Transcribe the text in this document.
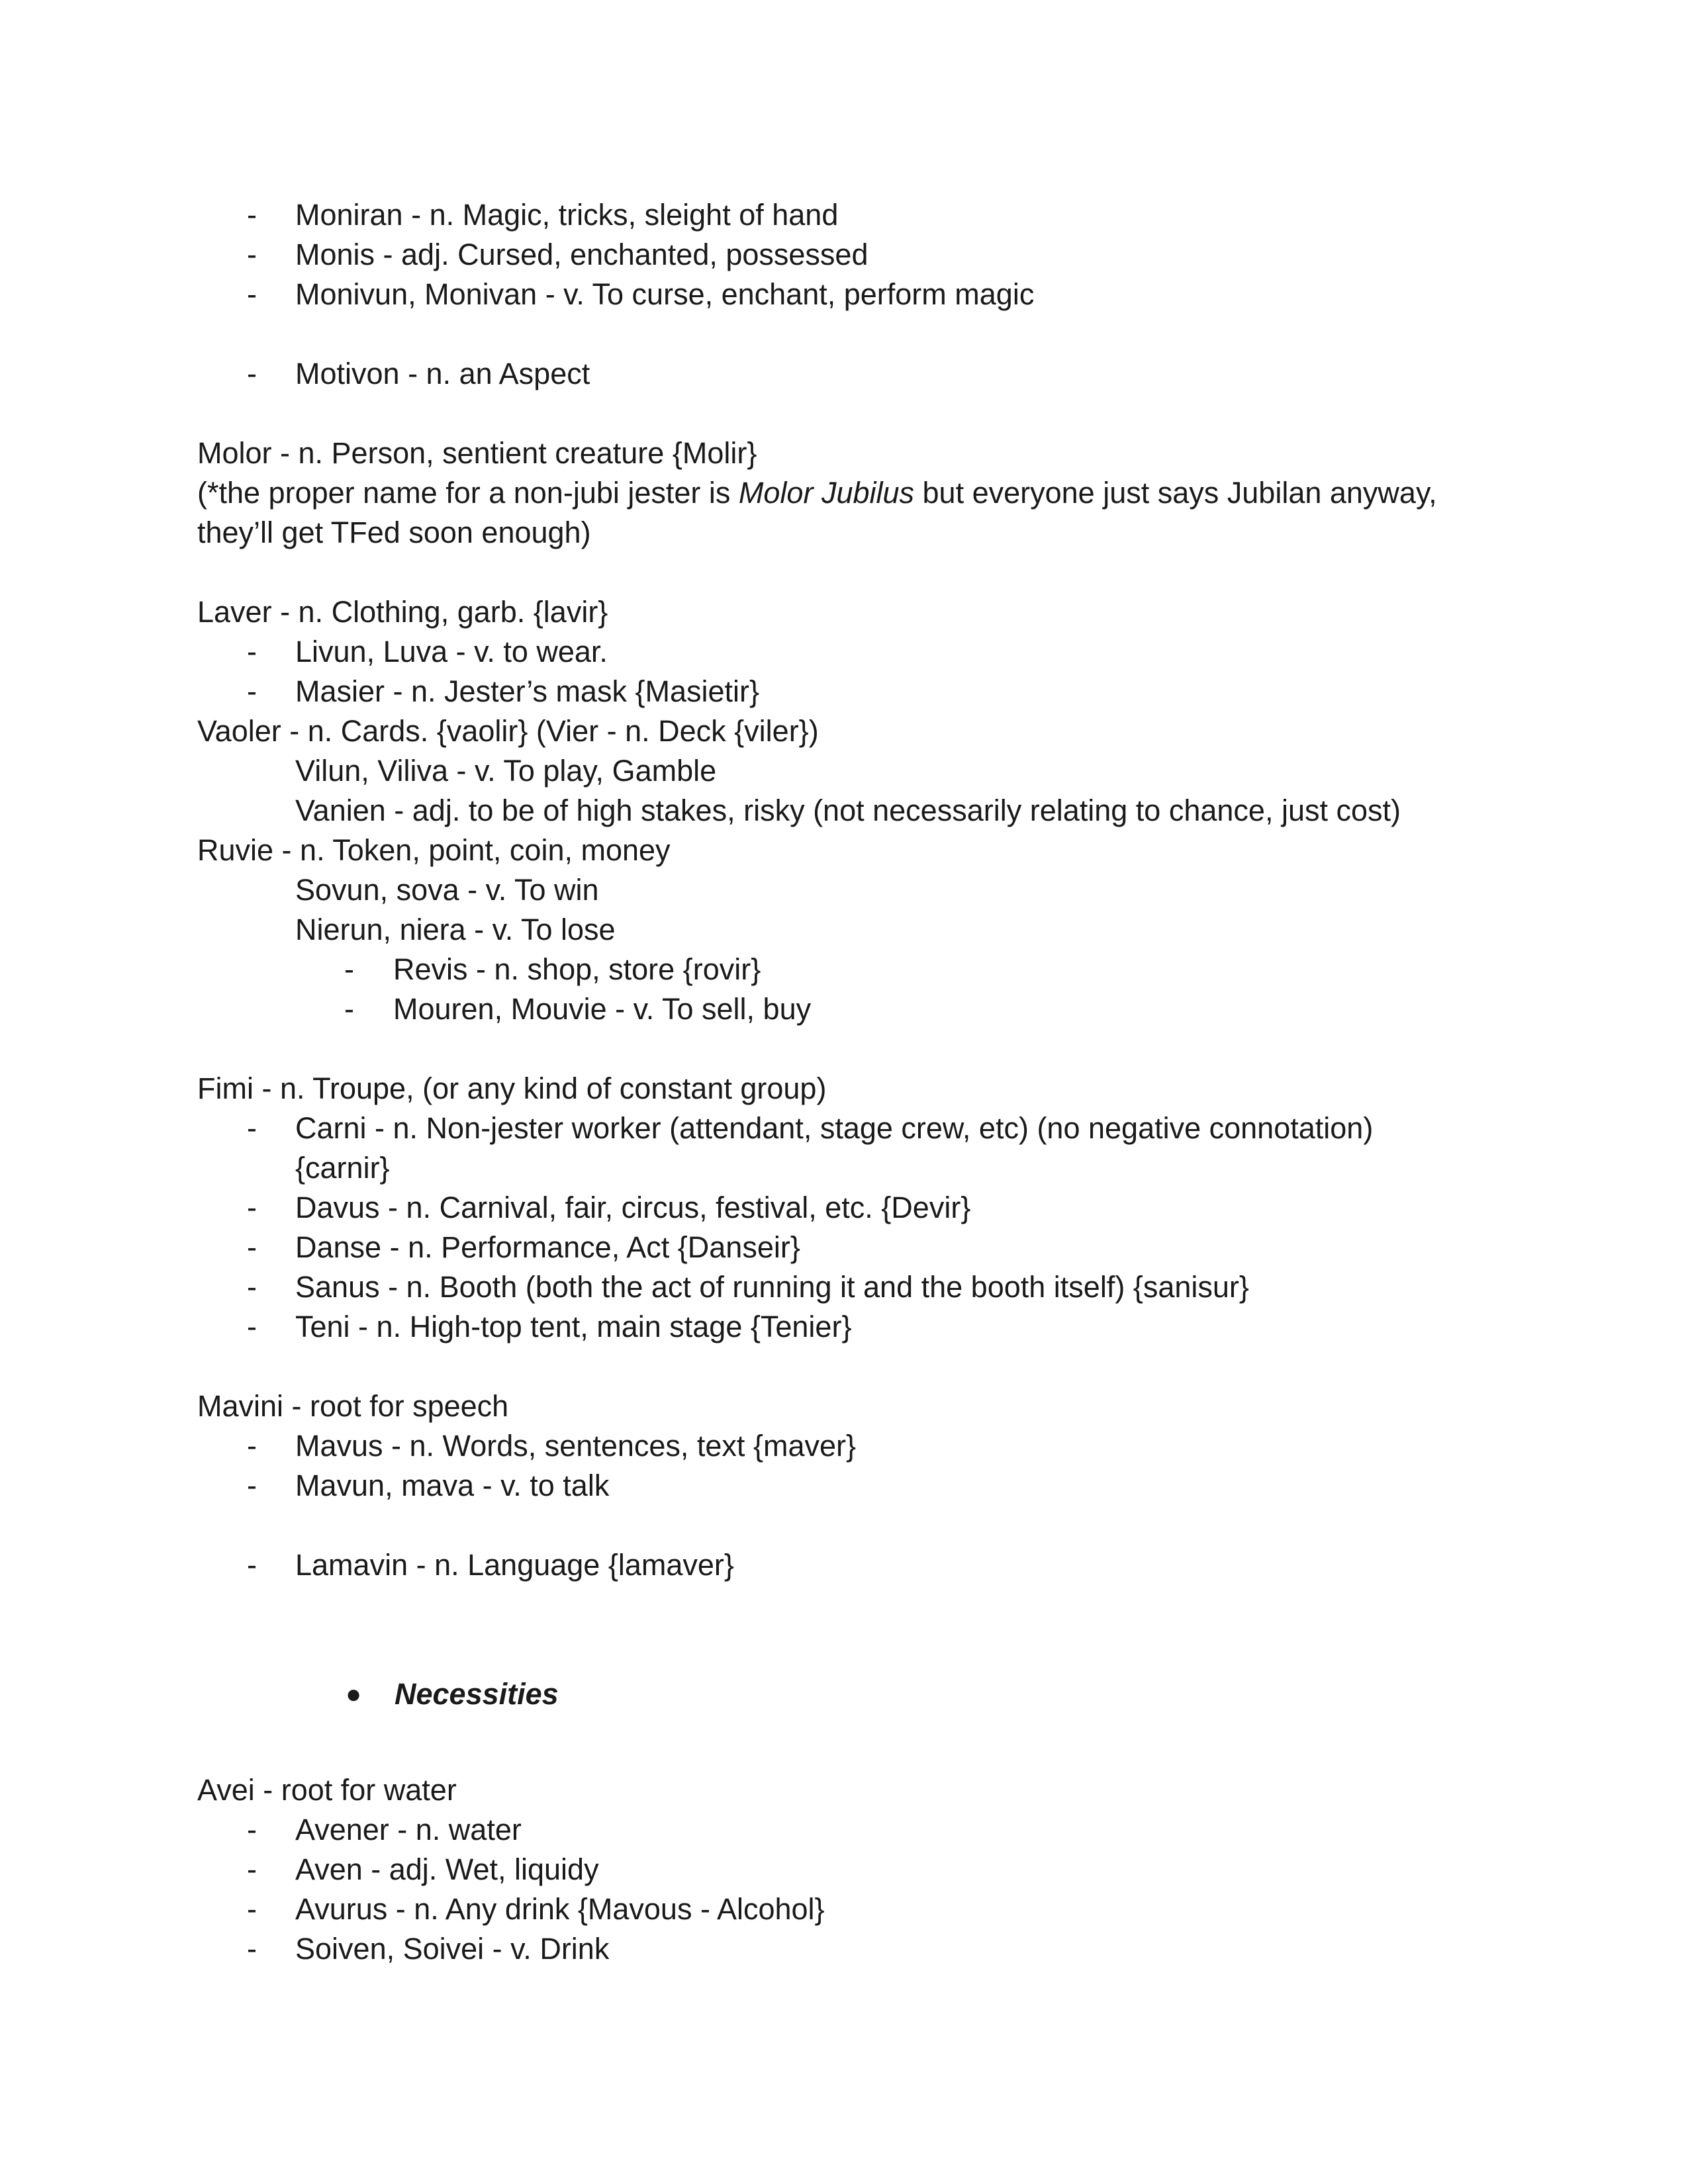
- Moniran - n. Magic, tricks, sleight of hand
- Monis - adj. Cursed, enchanted, possessed
- Monivun, Monivan - v. To curse, enchant, perform magic
- Motivon - n. an Aspect
Molor - n. Person, sentient creature {Molir}
(*the proper name for a non-jubi jester is Molor Jubilus but everyone just says Jubilan anyway,
they’ll get TFed soon enough)
Laver - n. Clothing, garb. {lavir}
- Livun, Luva - v. to wear.
- Masier - n. Jester’s mask {Masietir}
Vaoler - n. Cards. {vaolir} (Vier - n. Deck {viler})
Vilun, Viliva - v. To play, Gamble
Vanien - adj. to be of high stakes, risky (not necessarily relating to chance, just cost)
Ruvie - n. Token, point, coin, money
Sovun, sova - v. To win
Nierun, niera - v. To lose
- Revis - n. shop, store {rovir}
- Mouren, Mouvie - v. To sell, buy
Fimi - n. Troupe, (or any kind of constant group)
- Carni - n. Non-jester worker (attendant, stage crew, etc) (no negative connotation)
{carnir}
- Davus - n. Carnival, fair, circus, festival, etc. {Devir}
- Danse - n. Performance, Act {Danseir}
- Sanus - n. Booth (both the act of running it and the booth itself) {sanisur}
- Teni - n. High-top tent, main stage {Tenier}
Mavini - root for speech
- Mavus - n. Words, sentences, text {maver}
- Mavun, mava - v. to talk
- Lamavin - n. Language {lamaver}
● Necessities
Avei - root for water
- Avener - n. water
- Aven - adj. Wet, liquidy
- Avurus - n. Any drink {Mavous - Alcohol}
- Soiven, Soivei - v. Drink
